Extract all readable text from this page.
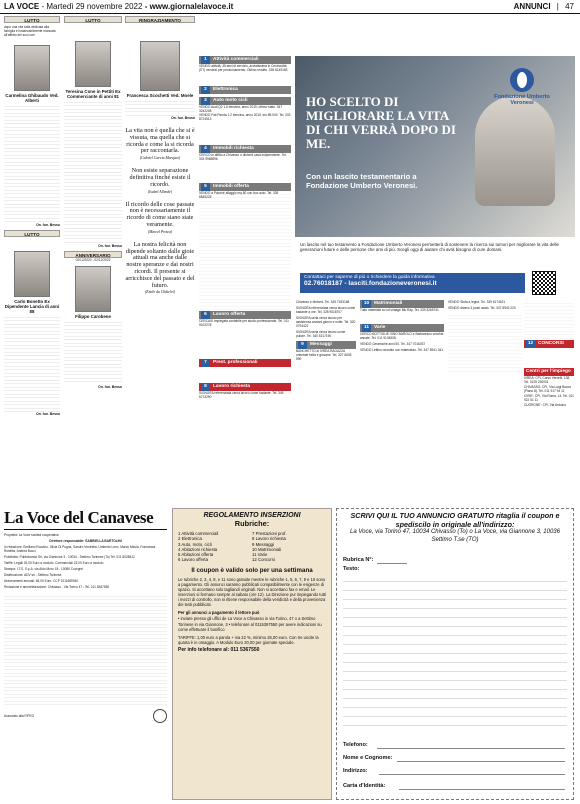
LA VOCE - Martedì 29 novembre 2022 - www.giornalelavoce.it	ANNUNCI | 47
LUTTO
dopo una vita tutta dedicata alla famiglia e instancabilmente mancata all'affetto dei suoi cari
Carmelina Ghibaudo Ved. Alberti
On. fun. Besso
LUTTO
Carlo Bonetto Ex Dipendente Lancia di anni 88
On. fun. Besso
LUTTO
Teresina Cone in Pettiti Ex Commerciante di anni 81
On. fun. Besso
ANNIVERSARIO
02/12/2020 - 02/12/2022
Filippo Carobene
On. fun. Besso
RINGRAZIAMENTO
Francesca Scochetti Ved. Moele
On. fun. Besso
La vita non è quella che si è vissuta, ma quella che si ricorda e come la si ricorda per raccontarla.
(Gabriel Garcia Marquez)
Non esiste separazione definitiva finché esiste il ricordo.
(Isabel Allende)
Il ricordo delle cose passate non è necessariamente il ricordo di come siano state veramente.
(Marcel Proust)
La nostra felicità non dipende soltanto dalle gioie attuali ma anche dalle nostre speranze e dai nostri ricordi. Il presente si arricchisce del passato e del futuro.
(Emile du Châtelet)
1	Attività commerciali
VENDO attività, 45 anni di servizio, avviatissima in Centrocittà (ST) vendesi per pensionamento. Ottimo reddito. 335 8149183
2	Elettronica
3	Auto moto cicli
VENDO Audi Q2 1.6 benzina, anno 2019, ottimo stato. 347 3242208
VENDO Fiat Panda 1.2 benzina, anno 2015, km 89.000. Tel. 333 8724513
4	Immobili richiesta
CERCO in affitto a Chivasso o dintorni casa indipendente. Tel. 333 9965896
5	Immobili offerta
VENDO a Pavone alloggio mq 80 con box auto. Tel. 339 6845225
6	Lavoro offerta
CERCASI impiegata contabile per studio professionale. Tel. 011 9102278
7	Prest. professionali
8	Lavoro richiesta
SIGNORA referenziata cerca lavoro come badante. Tel. 345 6713290
Fondazione Umberto Veronesi
HO SCELTO DI MIGLIORARE LA VITA DI CHI VERRÀ DOPO DI ME.
Con un lascito testamentario a Fondazione Umberto Veronesi.
Un lascito nel tuo testamento a Fondazione Umberto Veronesi permetterà di sostenere la ricerca sui tumori per migliorare la vita delle generazioni future e delle persone che ami di più. Scegli oggi di aiutare chi avrà bisogno di cure domani.
Contattaci per saperne di più o richiedere la guida informativa
02.76018187 - lasciti.fondazioneveronesi.it
Chivasso e dintorni. Tel. 349 7183168
SIGNORA referenziata cerca lavoro come badante a ore. Tel. 328 9518707
SIGNORA seria cerca lavoro per assistenza anziani giorno e notte. Tel. 320 0794422
SIGNORA seria cerca lavoro come pulizie. Tel. 340 5217190
9	Messaggi
BANCHETTO di IVREA RAGAZZA orientale bella e giovane. Tel. 327 6635 590
10	Matrimoniali
Tutto materiale su cd vintage Blu Ray. Tel. 339 3265741
11	Varie
CERCO BOTTIGLIE VINO BAROLO e Barbaresco vecchie annate. Tel. 011 9134508
VENDO Ceramiche anni 50. Tel. 347 7016037
VENDO Lettino neonato con materasso. Tel. 347 5941 341
VENDO Stufa a legna. Tel. 339 6174521
VENDO divano 3 posti usato. Tel. 347 8943 220
12	CONCORSI
Centri per l'impiego
IVREA: CPI, Corso Vercelli, 138. Tel. 0125 230001
CHIVASSO: CPI, Via Luigi Bocco (Piano 8). Tel. 011 917 94 11
CIRIE': CPI, Via Roma, 14. Tel. 011 922 51 11
CUORGNE': CPI, Via Arduino
La Voce del Canavese
Proprietà: La Voce società cooperativa
Direttore responsabile: GABRIELLA BARTOLINI
In redazione: Emiliano Rozzino, Silvia Di Pugna, Sandro Ventrella, Umberto Levo, Marco Meula, Francesca Rosetta, Andrea Bucci
Pubblicità: Pubblicando Srl, via Giannone 3 - 10034 - Settimo Torinese (To) Tel. 011 8028812
Tariffe: Legali 25,00 Euro a modulo. Commerciali 23,00 Euro a modulo
Stampa: I.T.S. S.p.A. via Aldo Moro 18 - 10080 Cuorgnè
Distribuzione: ADV srl - Settimo Torinese
Abbonamenti annuali: 65,00 Euro. CCP 1011689940
Redazione e amministrazione: Chivasso - Via Torino 47 - Tel. 011 5367550
Associato alla FIPEG
REGOLAMENTO INSERZIONI
Rubriche:
1 Attività commerciali
2 Elettronica
3 Auto, moto, cicli
4 Abitazioni richiesta
5 Abitazioni offerta
6 Lavoro offerta
7 Prestazioni prof.
8 Lavoro richiesta
9 Messaggi
10 Matrimoniali
11 Varie
12 Concorsi
Il coupon è valido solo per una settimana

Le rubriche 2, 3, 4, 8, e 11 sono gratuite mentre le rubriche 1, 5, 6, 7, 9 e 10 sono a pagamento. Gli annunci saranno pubblicati compatibilmente con le esigenze di spazio. Si accettano solo tagliandi originali. Non si accettano fax e email. Le inserzioni si fermano sempre al sabato (ore 12). La Direzione pur impiegando tutti i mezzi di controllo, non si ritiene responsabile della veridicità e della provenienza dei testi pubblicati.

Per gli annunci a pagamento il lettore può

• inviare presso gli uffici de La Voce a Chivasso in via Torino, 47 o a Settimo Torinese in via Giannone, 3 • telefonare al 0115367550 per avere indicazioni su come effettuare il bonifico

TARIFFE: 1,00 euro a parola + iva 22 %, minimo 25,00 euro. Con tre uscite la quarta è in omaggio. A Modulo Euro 20,00 per giornate speciale.

Per info telefonare al: 011 5367550

SCRIVI QUI IL TUO ANNUNCIO GRATUITO ritaglia il coupon e spediscilo in originale all'indirizzo:
La Voce, via Torino 47, 10034 Chivasso (To) o La Voce, via Giannone 3, 10036 Settimo T.se (TO)
Rubrica N°:
Testo:
Telefono:
Nome e Cognome:
Indirizzo:
Carta d'Identità:
